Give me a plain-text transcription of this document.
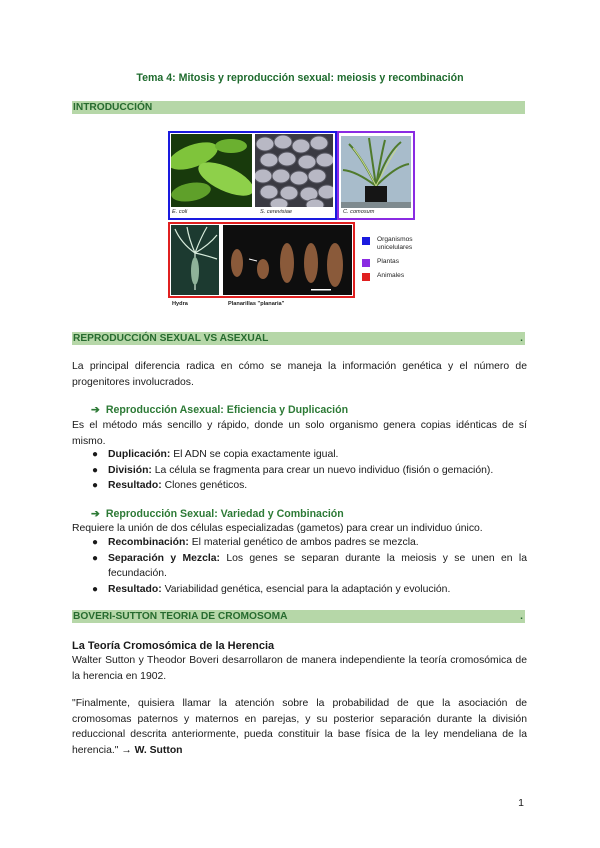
Tema 4: Mitosis y reproducción sexual: meiosis y recombinación
INTRODUCCIÓN
E. coli	S. cerevisiae	C. comosum
Hydra	Planarillas "planaria"
Organismos unicelulares
Plantas
Animales
REPRODUCCIÓN SEXUAL VS ASEXUAL	.
La principal diferencia radica en cómo se maneja la información genética y el número de progenitores involucrados.
➔ Reproducción Asexual: Eficiencia y Duplicación
Es el método más sencillo y rápido, donde un solo organismo genera copias idénticas de sí mismo.
● Duplicación: El ADN se copia exactamente igual.
● División: La célula se fragmenta para crear un nuevo individuo (fisión o gemación).
● Resultado: Clones genéticos.
➔ Reproducción Sexual: Variedad y Combinación
Requiere la unión de dos células especializadas (gametos) para crear un individuo único.
● Recombinación: El material genético de ambos padres se mezcla.
● Separación y Mezcla: Los genes se separan durante la meiosis y se unen en la fecundación.
● Resultado: Variabilidad genética, esencial para la adaptación y evolución.
BOVERI-SUTTON TEORIA DE CROMOSOMA	.
La Teoría Cromosómica de la Herencia
Walter Sutton y Theodor Boveri desarrollaron de manera independiente la teoría cromosómica de la herencia en 1902.
"Finalmente, quisiera llamar la atención sobre la probabilidad de que la asociación de cromosomas paternos y maternos en parejas, y su posterior separación durante la división reduccional descrita anteriormente, pueda constituir la base física de la ley mendeliana de la herencia." → W. Sutton
1
